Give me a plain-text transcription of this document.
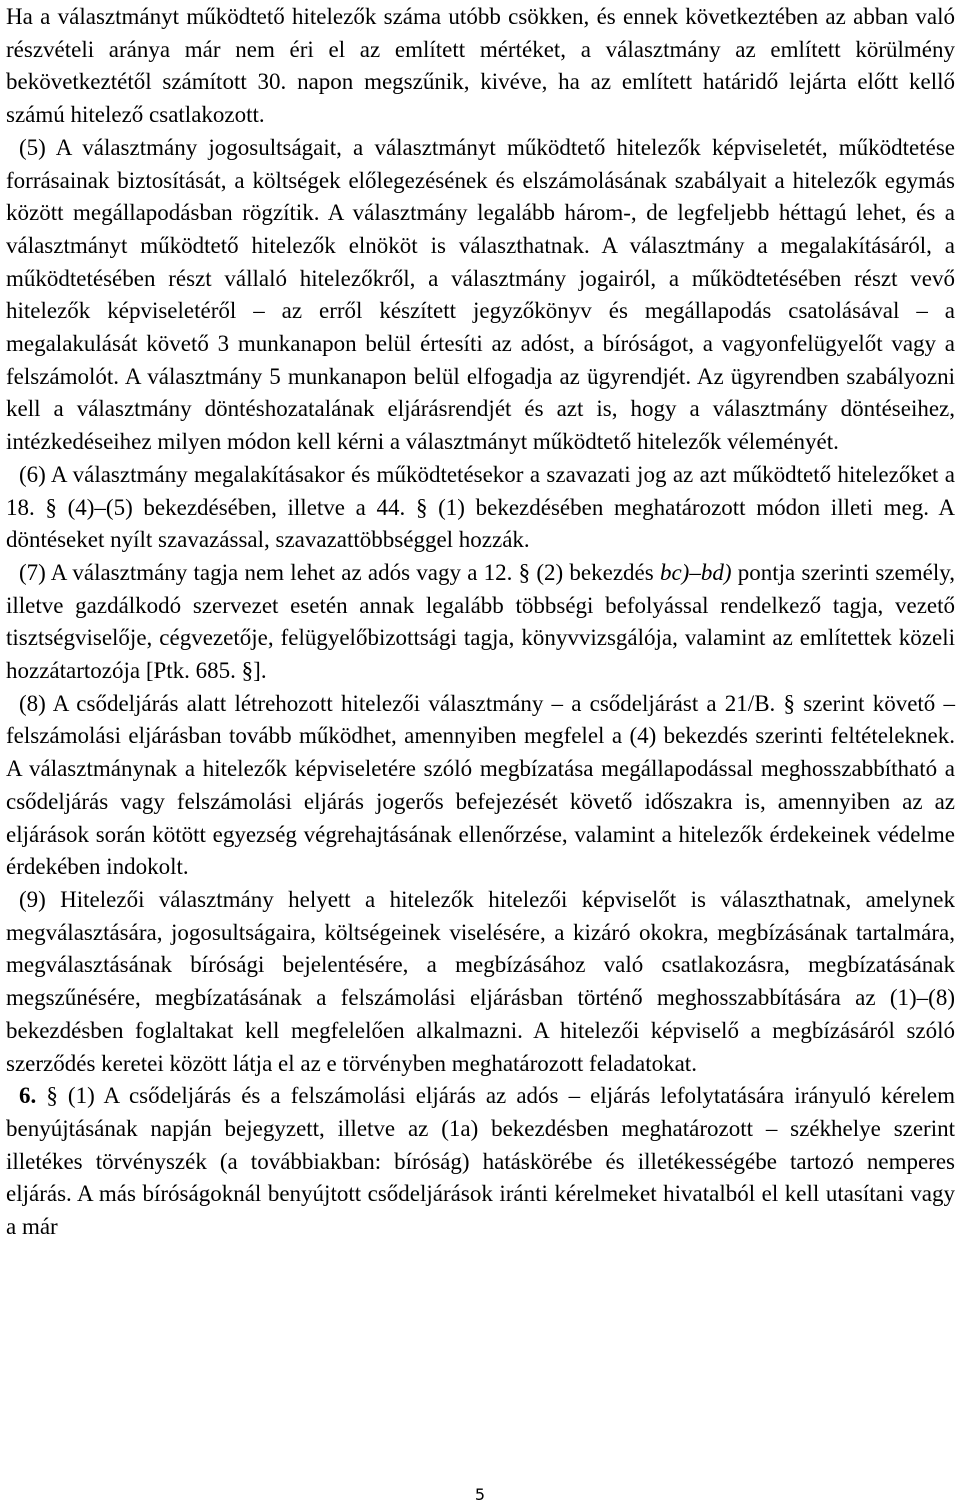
Ha a választmányt működtető hitelezők száma utóbb csökken, és ennek következtében az abban való részvételi aránya már nem éri el az említett mértéket, a választmány az említett körülmény bekövetkeztétől számított 30. napon megszűnik, kivéve, ha az említett határidő lejárta előtt kellő számú hitelező csatlakozott.

(5) A választmány jogosultságait, a választmányt működtető hitelezők képviseletét, működtetése forrásainak biztosítását, a költségek előlegezésének és elszámolásának szabályait a hitelezők egymás között megállapodásban rögzítik. A választmány legalább három-, de legfeljebb héttagú lehet, és a választmányt működtető hitelezők elnököt is választhatnak. A választmány a megalakításáról, a működtetésében részt vállaló hitelezőkről, a választmány jogairól, a működtetésében részt vevő hitelezők képviseletéről – az erről készített jegyzőkönyv és megállapodás csatolásával – a megalakulását követő 3 munkanapon belül értesíti az adóst, a bíróságot, a vagyonfelügyelőt vagy a felszámolót. A választmány 5 munkanapon belül elfogadja az ügyrendjét. Az ügyrendben szabályozni kell a választmány döntéshozatalának eljárásrendjét és azt is, hogy a választmány döntéseihez, intézkedéseihez milyen módon kell kérni a választmányt működtető hitelezők véleményét.

(6) A választmány megalakításakor és működtetésekor a szavazati jog az azt működtető hitelezőket a 18. § (4)–(5) bekezdésében, illetve a 44. § (1) bekezdésében meghatározott módon illeti meg. A döntéseket nyílt szavazással, szavazattöbbséggel hozzák.

(7) A választmány tagja nem lehet az adós vagy a 12. § (2) bekezdés bc)–bd) pontja szerinti személy, illetve gazdálkodó szervezet esetén annak legalább többségi befolyással rendelkező tagja, vezető tisztségviselője, cégvezetője, felügyelőbizottsági tagja, könyvvizsgálója, valamint az említettek közeli hozzátartozója [Ptk. 685. §].

(8) A csődeljárás alatt létrehozott hitelezői választmány – a csődeljárást a 21/B. § szerint követő – felszámolási eljárásban tovább működhet, amennyiben megfelel a (4) bekezdés szerinti feltételeknek. A választmánynak a hitelezők képviseletére szóló megbízatása megállapodással meghosszabbítható a csődeljárás vagy felszámolási eljárás jogerős befejezését követő időszakra is, amennyiben az az eljárások során kötött egyezség végrehajtásának ellenőrzése, valamint a hitelezők érdekeinek védelme érdekében indokolt.

(9) Hitelezői választmány helyett a hitelezők hitelezői képviselőt is választhatnak, amelynek megválasztására, jogosultságaira, költségeinek viselésére, a kizáró okokra, megbízásának tartalmára, megválasztásának bírósági bejelentésére, a megbízásához való csatlakozásra, megbízatásának megszűnésére, megbízatásának a felszámolási eljárásban történő meghosszabbítására az (1)–(8) bekezdésben foglaltakat kell megfelelően alkalmazni. A hitelezői képviselő a megbízásáról szóló szerződés keretei között látja el az e törvényben meghatározott feladatokat.

6. § (1) A csődeljárás és a felszámolási eljárás az adós – eljárás lefolytatására irányuló kérelem benyújtásának napján bejegyzett, illetve az (1a) bekezdésben meghatározott – székhelye szerint illetékes törvényszék (a továbbiakban: bíróság) hatáskörébe és illetékességébe tartozó nemperes eljárás. A más bíróságoknál benyújtott csődeljárások iránti kérelmeket hivatalból el kell utasítani vagy a már

5
